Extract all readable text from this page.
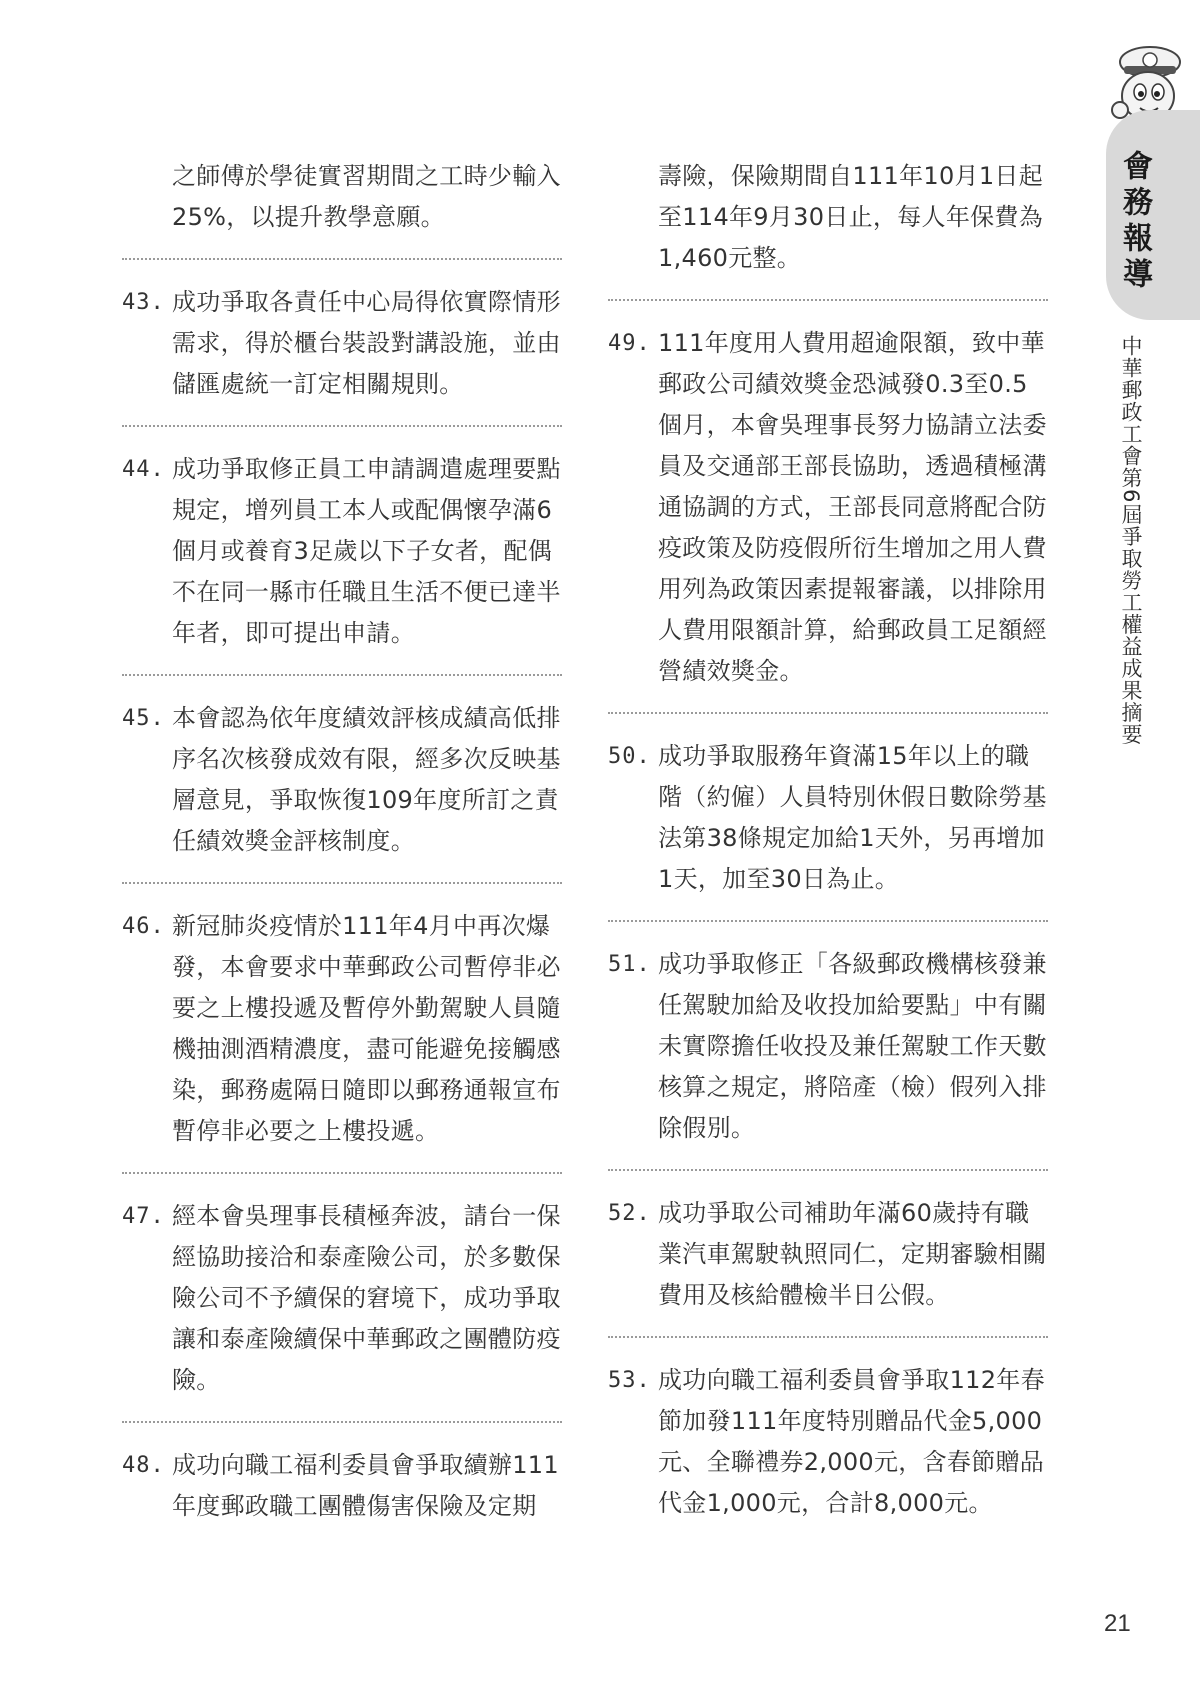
會務報導
中華郵政工會第6屆爭取勞工權益成果摘要
之師傅於學徒實習期間之工時少輸入
25%，以提升教學意願。
43. 成功爭取各責任中心局得依實際情形
需求，得於櫃台裝設對講設施，並由
儲匯處統一訂定相關規則。
44. 成功爭取修正員工申請調遣處理要點
規定，增列員工本人或配偶懷孕滿6
個月或養育3足歲以下子女者，配偶
不在同一縣市任職且生活不便已達半
年者，即可提出申請。
45. 本會認為依年度績效評核成績高低排
序名次核發成效有限，經多次反映基
層意見，爭取恢復109年度所訂之責
任績效獎金評核制度。
46. 新冠肺炎疫情於111年4月中再次爆
發，本會要求中華郵政公司暫停非必
要之上樓投遞及暫停外勤駕駛人員隨
機抽測酒精濃度，盡可能避免接觸感
染，郵務處隔日隨即以郵務通報宣布
暫停非必要之上樓投遞。
47. 經本會吳理事長積極奔波，請台一保
經協助接洽和泰產險公司，於多數保
險公司不予續保的窘境下，成功爭取
讓和泰產險續保中華郵政之團體防疫
險。
48. 成功向職工福利委員會爭取續辦111
年度郵政職工團體傷害保險及定期
壽險，保險期間自111年10月1日起
至114年9月30日止，每人年保費為
1,460元整。
49. 111年度用人費用超逾限額，致中華
郵政公司績效獎金恐減發0.3至0.5
個月，本會吳理事長努力協請立法委
員及交通部王部長協助，透過積極溝
通協調的方式，王部長同意將配合防
疫政策及防疫假所衍生增加之用人費
用列為政策因素提報審議，以排除用
人費用限額計算，給郵政員工足額經
營績效獎金。
50. 成功爭取服務年資滿15年以上的職
階（約僱）人員特別休假日數除勞基
法第38條規定加給1天外，另再增加
1天，加至30日為止。
51. 成功爭取修正「各級郵政機構核發兼
任駕駛加給及收投加給要點」中有關
未實際擔任收投及兼任駕駛工作天數
核算之規定，將陪產（檢）假列入排
除假別。
52. 成功爭取公司補助年滿60歲持有職
業汽車駕駛執照同仁，定期審驗相關
費用及核給體檢半日公假。
53. 成功向職工福利委員會爭取112年春
節加發111年度特別贈品代金5,000
元、全聯禮券2,000元，含春節贈品
代金1,000元，合計8,000元。
21
